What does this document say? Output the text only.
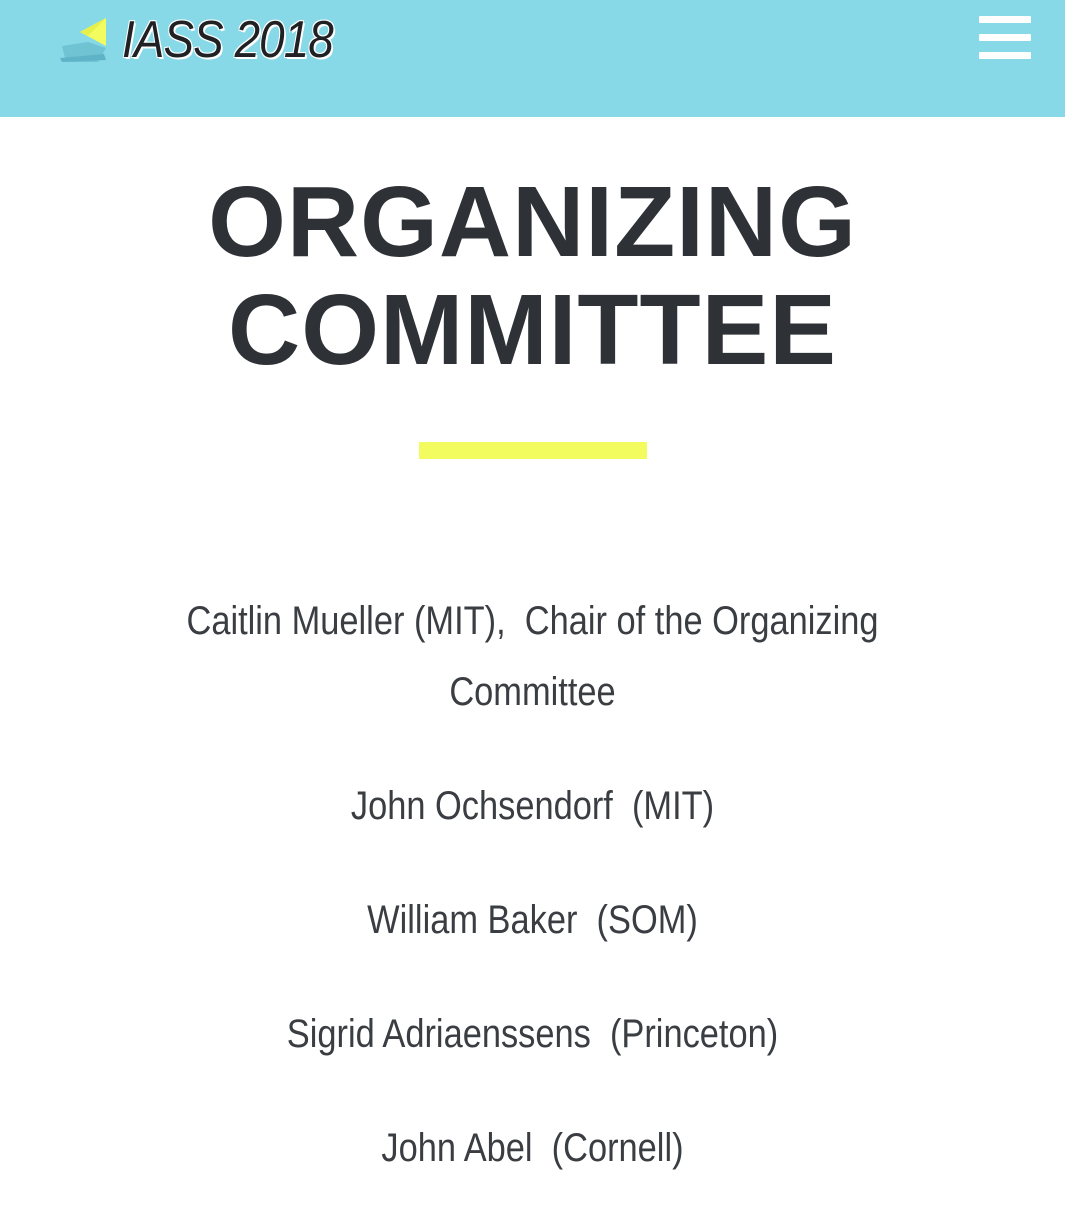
IASS 2018
ORGANIZING
COMMITTEE
Caitlin Mueller (MIT),  Chair of the Organizing Committee
John Ochsendorf  (MIT)
William Baker  (SOM)
Sigrid Adriaenssens  (Princeton)
John Abel  (Cornell)
